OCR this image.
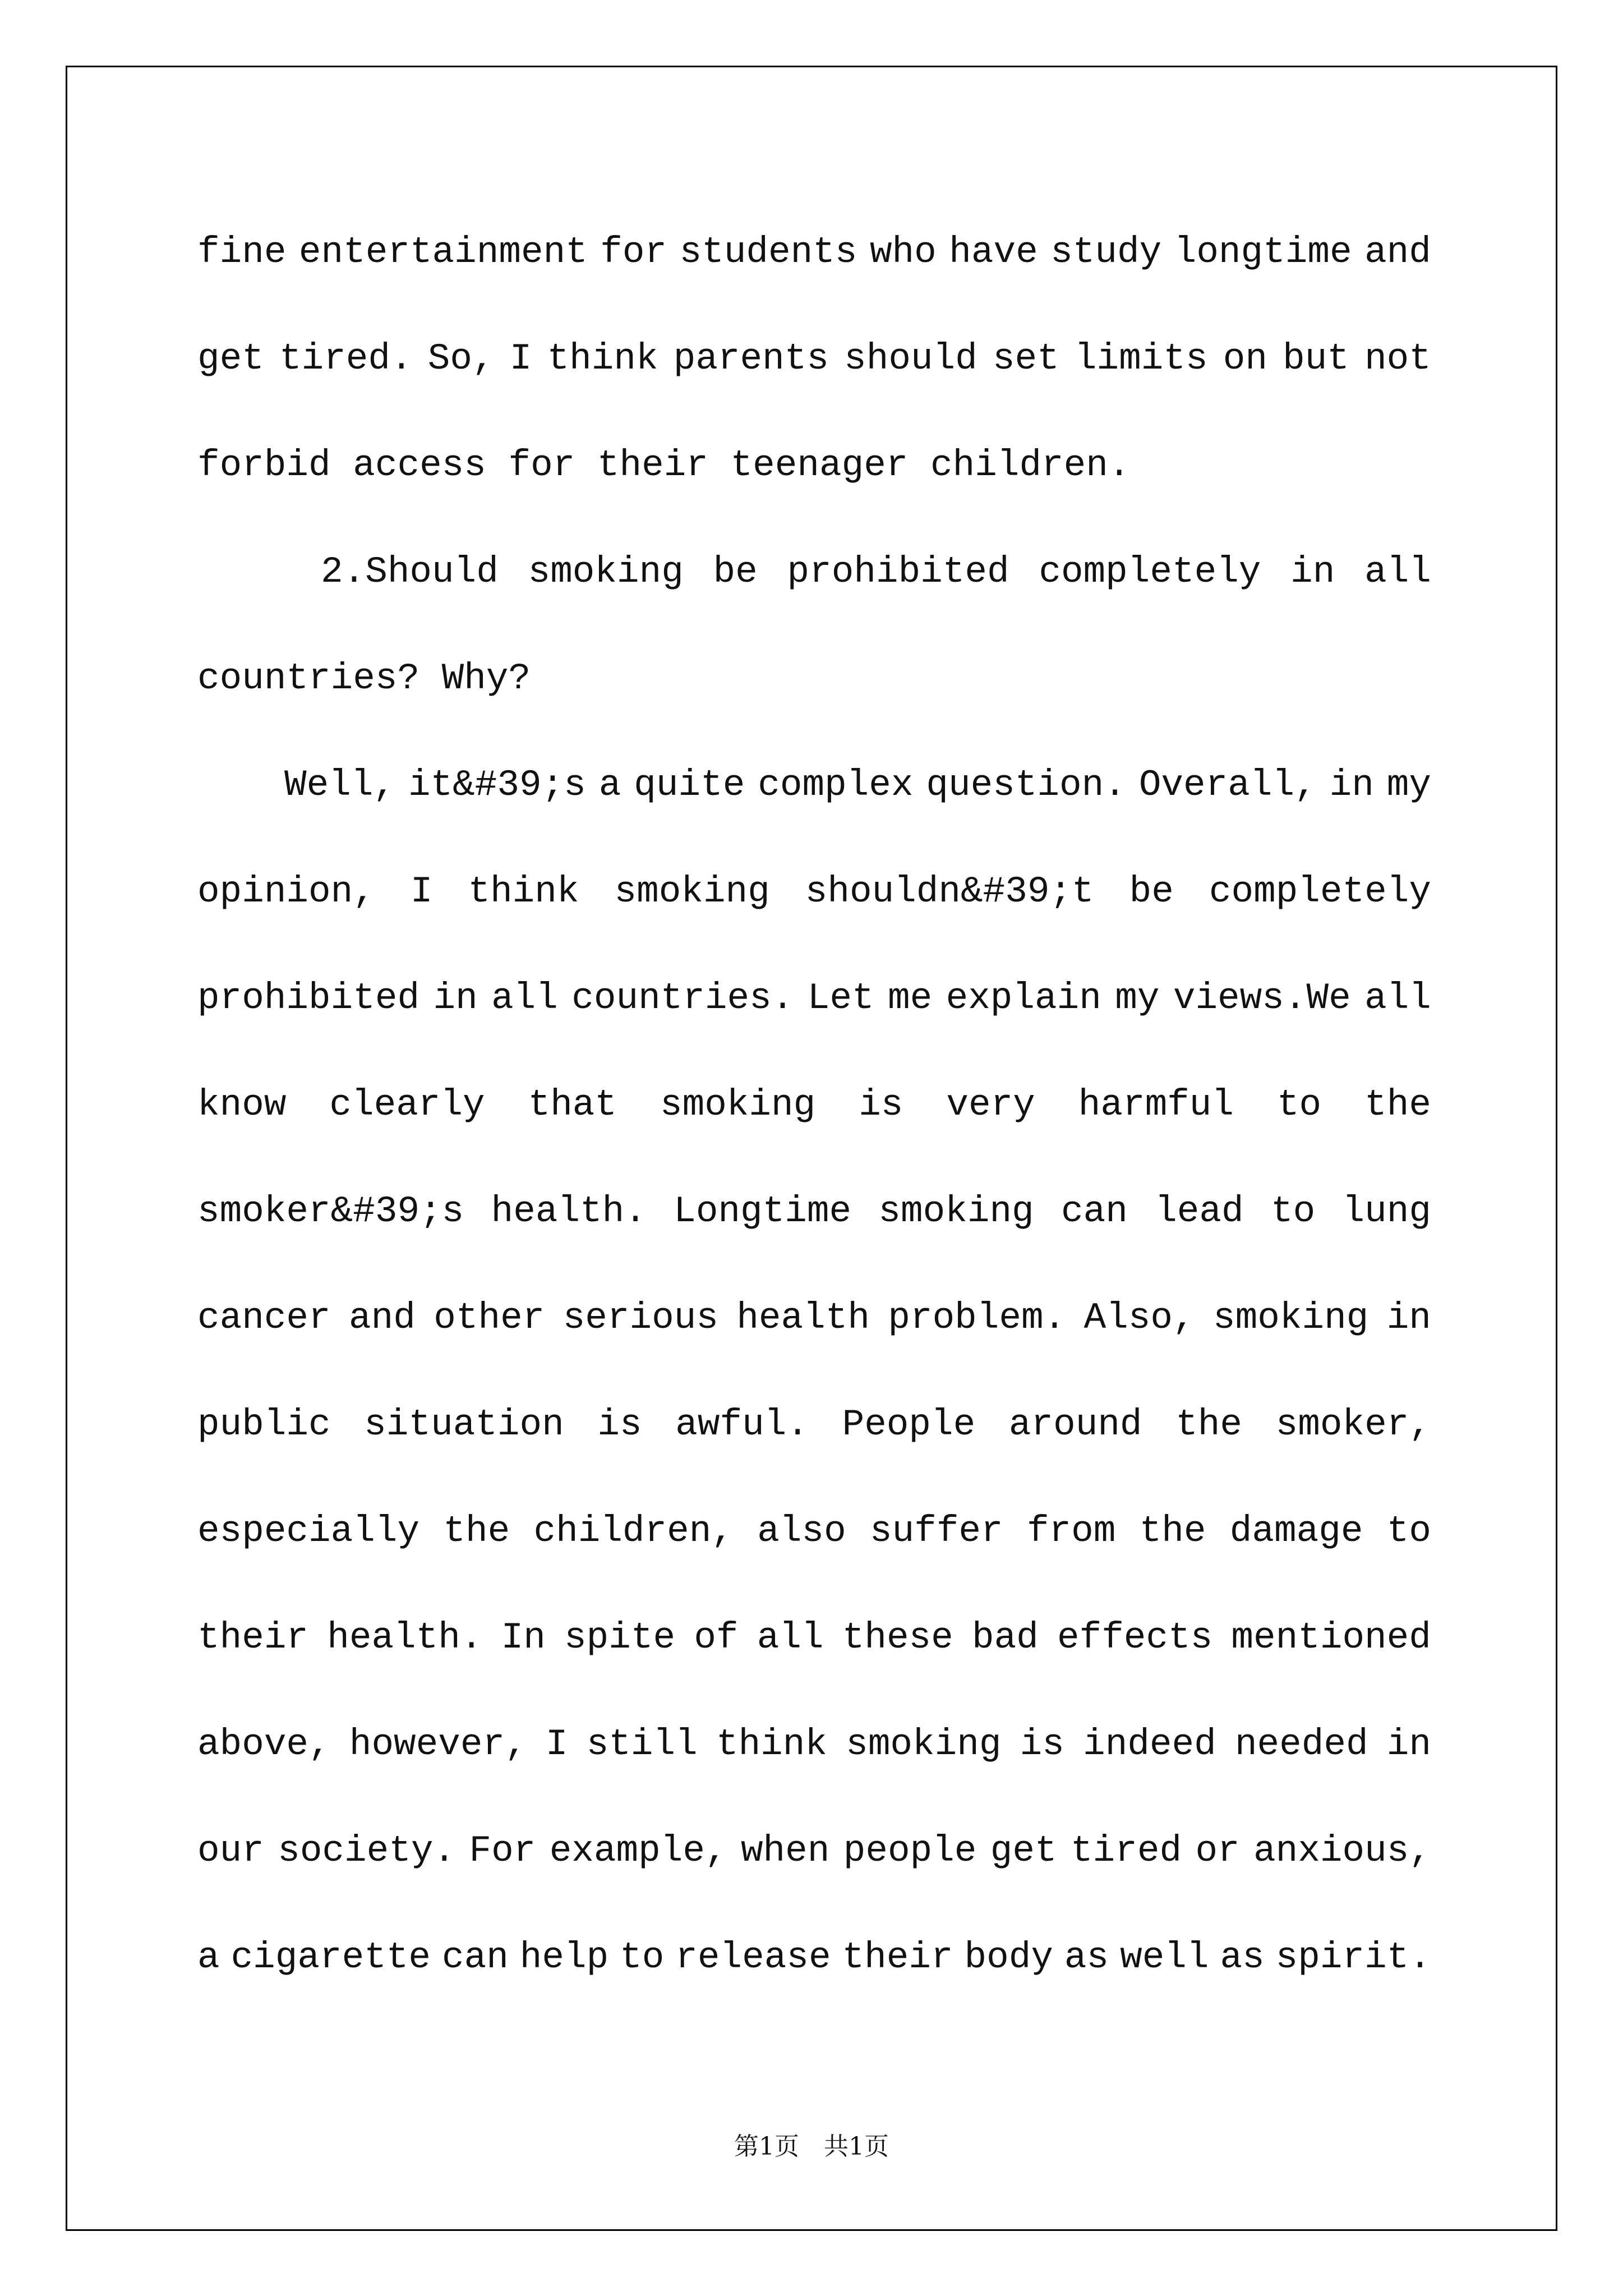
fine entertainment for students who have study longtime and
get tired. So, I think parents should set limits on but not
forbid access for their teenager children.
2.Should smoking be prohibited completely in all
countries? Why?
Well, it&#39;s a quite complex question. Overall, in my
opinion, I think smoking shouldn&#39;t be completely
prohibited in all countries. Let me explain my views.We all
know clearly that smoking is very harmful to the
smoker&#39;s health. Longtime smoking can lead to lung
cancer and other serious health problem. Also, smoking in
public situation is awful. People around the smoker,
especially the children, also suffer from the damage to
their health. In spite of all these bad effects mentioned
above, however, I still think smoking is indeed needed in
our society. For example, when people get tired or anxious,
a cigarette can help to release their body as well as spirit.
第1页　共1页
